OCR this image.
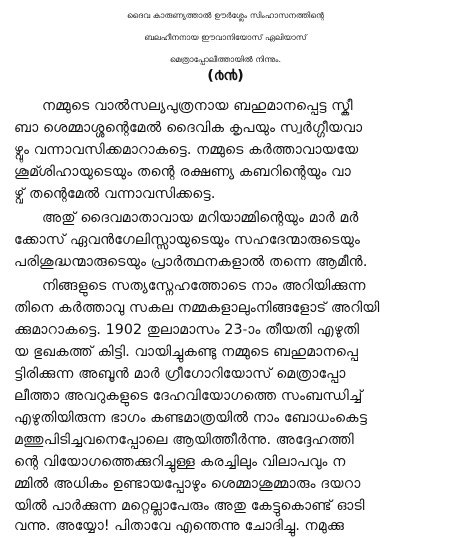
ദൈവ കാരുണ്യത്താൽ ഊർശ്ലേം സിംഹാസനത്തിന്റെ
ബലഹീനനായ ഈവാനിയോസ് ഏലിയാസ്
മെത്രാപ്പോലീത്തായിൽ നിന്നും.
(൪൯)
നമ്മുടെ വാൽസല്യപുത്രനായ ബഹുമാനപ്പെട്ട സ്കീ
ബാ ശെമ്മാശ്ശന്റെമേൽ ദൈവിക കൃപയും സ്വർഗ്ഗീയവാ
ഴ്വും വന്നാവസിക്കമാറാകട്ടെ. നമ്മുടെ കർത്താവായയേ
ശൂമ്ശിഹായുടെയും തന്റെ രക്ഷണ്യ കബറിന്റെയും വാ
ഴ്വ് തന്റെമേൽ വന്നാവസിക്കട്ടെ.
അതു് ദൈവമാതാവായ മറിയാമ്മിന്റെയും മാർ മർ
ക്കോസ് ഏവൻഗേലിസ്സായുടെയും സഹദേന്മാരുടെയും
പരിശുദ്ധന്മാരുടെയും പ്രാർത്ഥനകളാൽ തന്നെ ആമീൻ.
നിങ്ങളുടെ സത്യസ്നേഹത്തോടെ നാം അറിയിക്കുന്ന
തിനെ കർത്താവു സകല നമ്മകളാലുംനിങ്ങളോട് അറിയി
ക്കുമാറാകട്ടെ. 1902 തുലാമാസം 23-ാം തീയതി എഴുതി
യ ഭുഖകത്ത് കിട്ടി. വായിച്ചുകണ്ടു നമ്മുടെ ബഹുമാനപ്പെ
ട്ടിരിക്കുന്ന അബൂൻ മാർ ഗ്രീഗോറിയോസ് മെത്രാപ്പോ
ലീത്താ അവറുകളുടെ ദേഹവിയോഗത്തെ സംബന്ധിച്ച്
എഴുതിയിരുന്ന ഭാഗം കണ്ടമാത്രയിൽ നാം ബോധംകെട്ട
മത്തുപിടിച്ചവനെപ്പോലെ ആയിത്തീർന്നു. അദ്ദേഹത്തി
ന്റെ വിയോഗത്തെക്കുറിച്ചുള്ള കരച്ചിലും വിലാപവും ന
മ്മിൽ അധികം ഉണ്ടായപ്പോഴും ശെമ്മാശുമ്മാരും ദയറാ
യിൽ പാർക്കുന്ന മറ്റെല്ലാപേരും അതു കേട്ടുകൊണ്ട് ഓടി
വന്നു. അയ്യോ! പിതാവേ എന്തെന്നു ചോദിച്ചു. നമുക്കു
